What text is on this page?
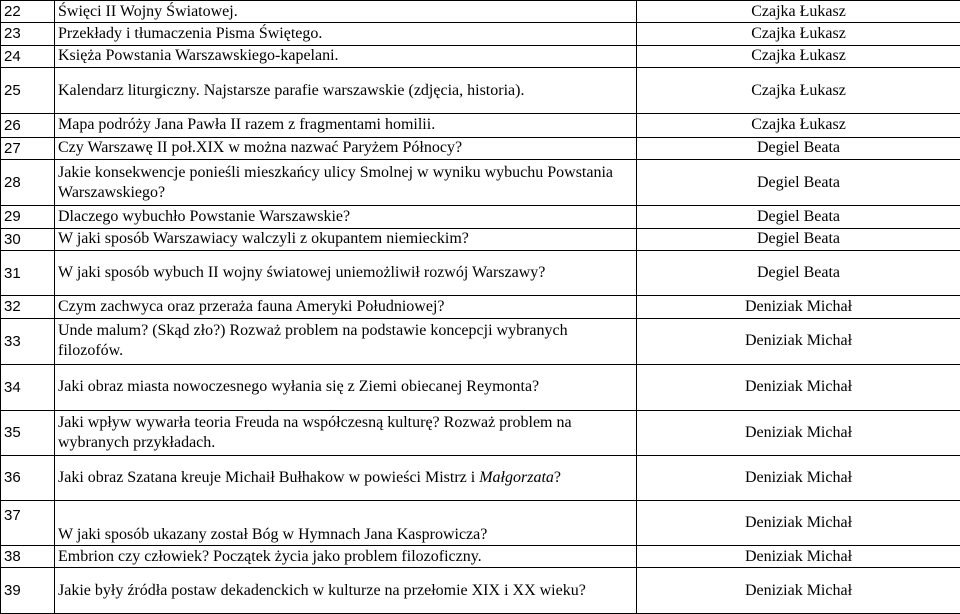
22	Święci II Wojny Światowej.	Czajka Łukasz
23	Przekłady i tłumaczenia Pisma Świętego.	Czajka Łukasz
24	Księża Powstania Warszawskiego-kapelani.	Czajka Łukasz
25	Kalendarz liturgiczny. Najstarsze parafie warszawskie (zdjęcia, historia).	Czajka Łukasz
26	Mapa podróży Jana Pawła II razem z fragmentami homilii.	Czajka Łukasz
27	Czy Warszawę II poł.XIX w można nazwać Paryżem Północy?	Degiel Beata
28	Jakie konsekwencje ponieśli mieszkańcy ulicy Smolnej w wyniku wybuchu Powstania Warszawskiego?	Degiel Beata
29	Dlaczego wybuchło Powstanie Warszawskie?	Degiel Beata
30	W jaki sposób Warszawiacy walczyli z okupantem niemieckim?	Degiel Beata
31	W jaki sposób wybuch II wojny światowej uniemożliwił rozwój Warszawy?	Degiel Beata
32	Czym zachwyca oraz przeraża fauna Ameryki Południowej?	Deniziak Michał
33	Unde malum? (Skąd zło?) Rozważ problem na podstawie koncepcji wybranych filozofów.	Deniziak Michał
34	Jaki obraz miasta nowoczesnego wyłania się z Ziemi obiecanej Reymonta?	Deniziak Michał
35	Jaki wpływ wywarła teoria Freuda na współczesną kulturę? Rozważ problem na wybranych przykładach.	Deniziak Michał
36	Jaki obraz Szatana kreuje Michaił Bułhakow w powieści Mistrz i Małgorzata?	Deniziak Michał
37	W jaki sposób ukazany został Bóg w Hymnach Jana Kasprowicza?	Deniziak Michał
38	Embrion czy człowiek? Początek życia jako problem filozoficzny.	Deniziak Michał
39	Jakie były źródła postaw dekadenckich w kulturze na przełomie XIX i XX wieku?	Deniziak Michał
